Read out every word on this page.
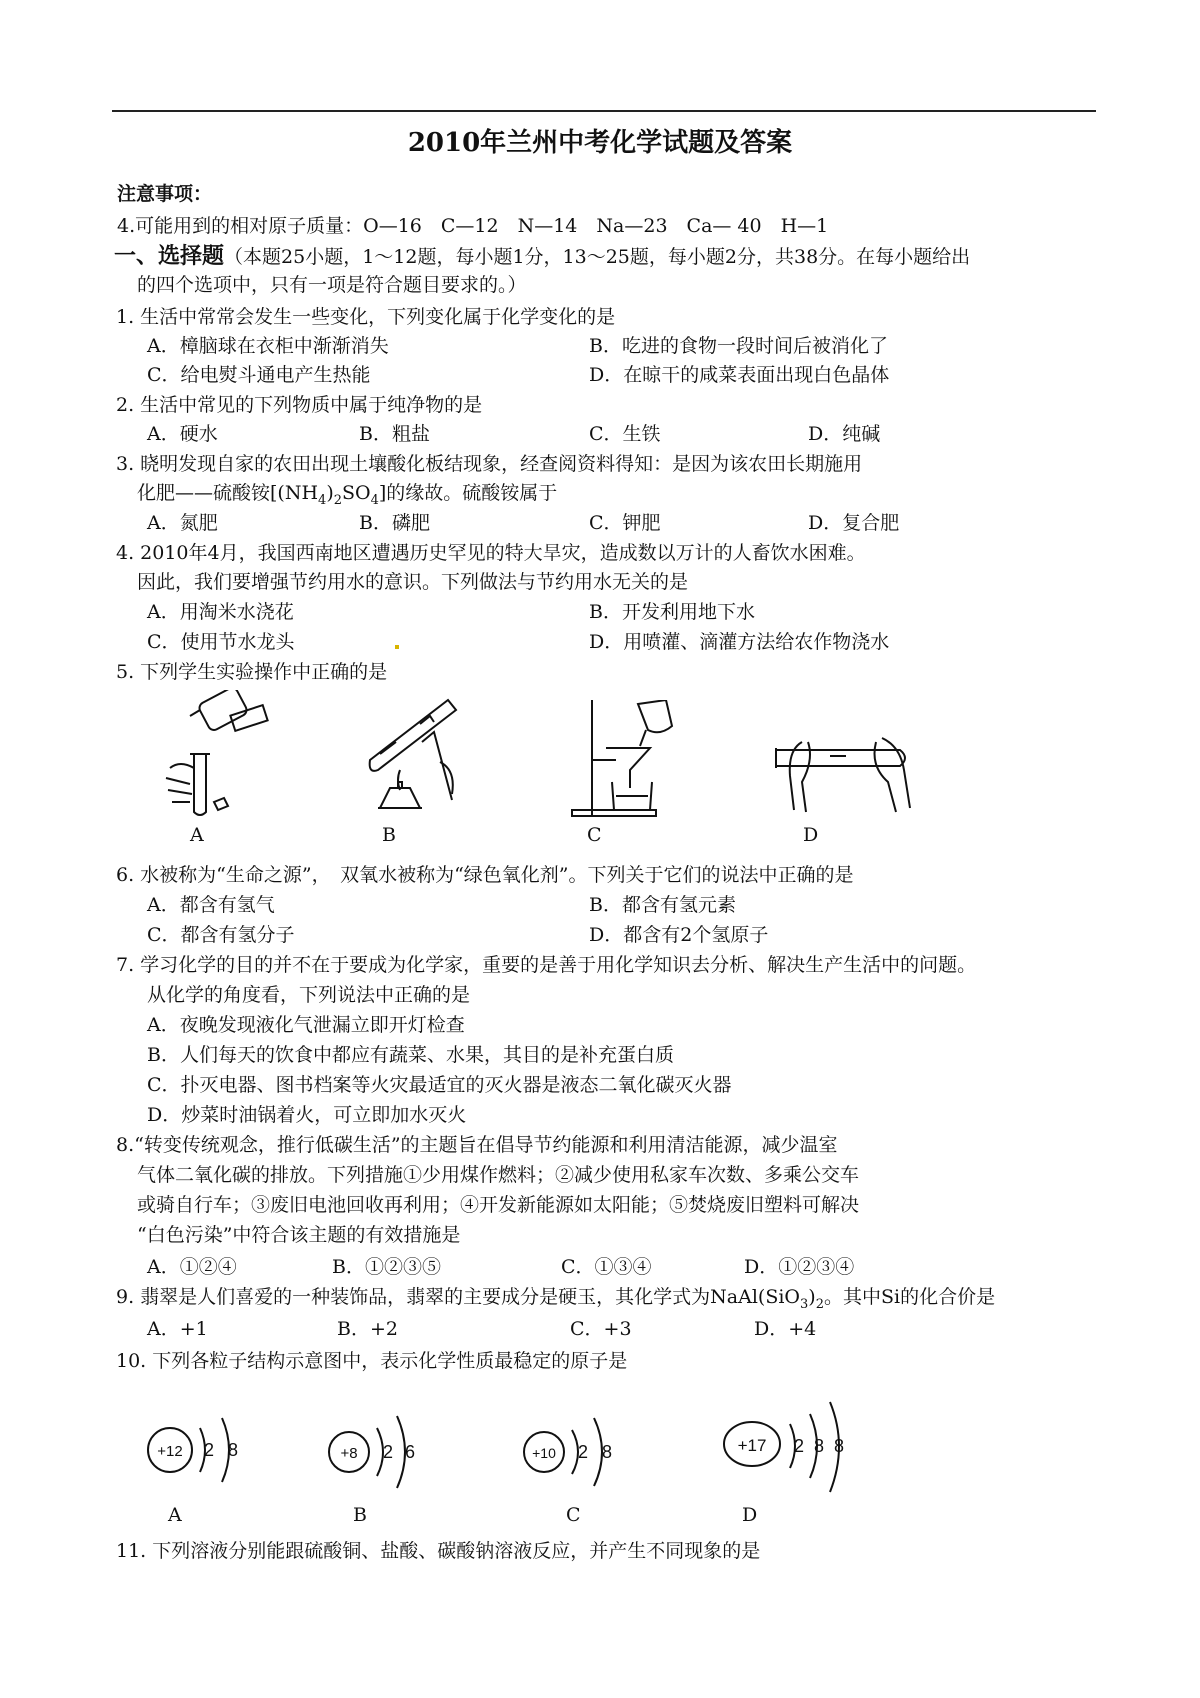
2010年兰州中考化学试题及答案
注意事项：
4.可能用到的相对原子质量：O—16　C—12　N—14　Na—23　Ca— 40　H—1
一、选择题（本题25小题，1～12题，每小题1分，13～25题，每小题2分，共38分。在每小题给出
的四个选项中，只有一项是符合题目要求的。）
1. 生活中常常会发生一些变化，下列变化属于化学变化的是
A．樟脑球在衣柜中渐渐消失	B．吃进的食物一段时间后被消化了
C．给电熨斗通电产生热能	D．在晾干的咸菜表面出现白色晶体
2. 生活中常见的下列物质中属于纯净物的是
A．硬水	B．粗盐	C．生铁	D．纯碱
3. 晓明发现自家的农田出现土壤酸化板结现象，经查阅资料得知：是因为该农田长期施用
化肥——硫酸铵$[(NH_4)_2SO_4]$的缘故。硫酸铵属于
A．氮肥	B．磷肥	C．钾肥	D．复合肥
4. 2010年4月，我国西南地区遭遇历史罕见的特大旱灾，造成数以万计的人畜饮水困难。
因此，我们要增强节约用水的意识。下列做法与节约用水无关的是
A．用淘米水浇花	B．开发利用地下水
C．使用节水龙头	D．用喷灌、滴灌方法给农作物浇水
5. 下列学生实验操作中正确的是
A	B	C	D
6. 水被称为“生命之源”，　双氧水被称为“绿色氧化剂”。下列关于它们的说法中正确的是
A．都含有氢气	B．都含有氢元素
C．都含有氢分子	D．都含有2个氢原子
7. 学习化学的目的并不在于要成为化学家，重要的是善于用化学知识去分析、解决生产生活中的问题。
从化学的角度看，下列说法中正确的是
A．夜晚发现液化气泄漏立即开灯检查
B．人们每天的饮食中都应有蔬菜、水果，其目的是补充蛋白质
C．扑灭电器、图书档案等火灾最适宜的灭火器是液态二氧化碳灭火器
D．炒菜时油锅着火，可立即加水灭火
8.“转变传统观念，推行低碳生活”的主题旨在倡导节约能源和利用清洁能源，减少温室
气体二氧化碳的排放。下列措施①少用煤作燃料；②减少使用私家车次数、多乘公交车
或骑自行车；③废旧电池回收再利用；④开发新能源如太阳能；⑤焚烧废旧塑料可解决
“白色污染”中符合该主题的有效措施是
A．①②④	B．①②③⑤	C．①③④	D．①②③④
9. 翡翠是人们喜爱的一种装饰品，翡翠的主要成分是硬玉，其化学式为$NaAl(SiO_3)_2$。其中Si的化合价是
A．+1	B．+2	C．+3	D．+4
10. 下列各粒子结构示意图中，表示化学性质最稳定的原子是
+12 2 8
A
+8 2 6
B
+10 2 8
C
+17 2 8 8
D
11. 下列溶液分别能跟硫酸铜、盐酸、碳酸钠溶液反应，并产生不同现象的是
